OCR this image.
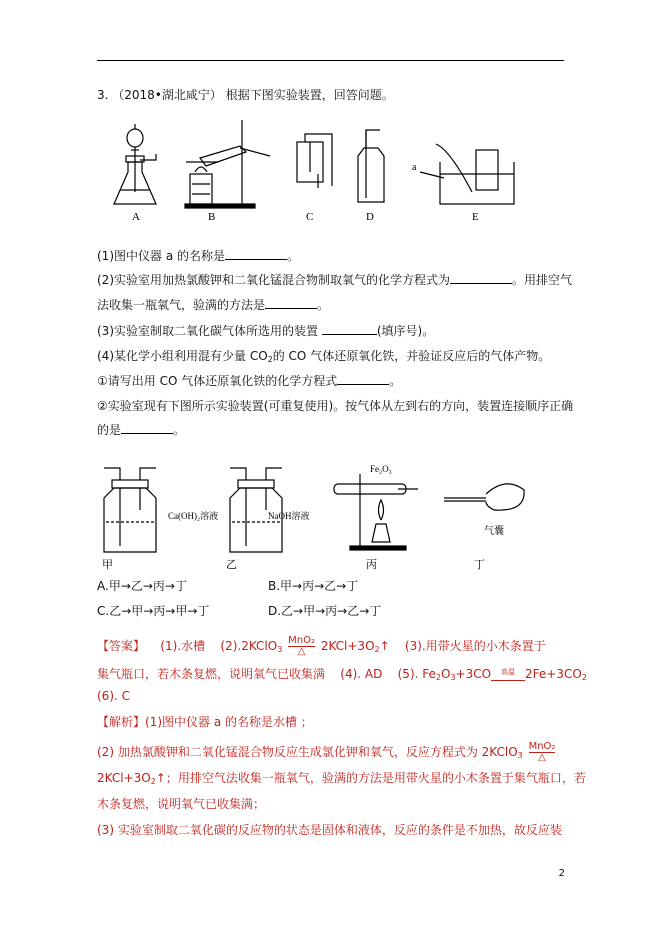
3. （2018•湖北咸宁） 根据下图实验装置，回答问题。
a
A	B	C	D	E
(1)图中仪器 a 的名称是	。
(2)实验室用加热氯酸钾和二氧化锰混合物制取氧气的化学方程式为	。用排空气
法收集一瓶氧气，验满的方法是	。
(3)实验室制取二氧化碳气体所选用的装置	(填序号)。
(4)某化学小组利用混有少量 $CO_2$的 CO 气体还原氧化铁，并验证反应后的气体产物。
①请写出用 CO 气体还原氧化铁的化学方程式	。
②实验室现有下图所示实验装置(可重复使用)。按气体从左到右的方向，装置连接顺序正确
的是	。
Ca(OH)₂溶液	NaOH溶液
Fe₂O₃
气囊
甲	乙	丙	丁
A.甲→乙→丙→丁	B.甲→丙→乙→丁
C.乙→甲→丙→甲→丁	D.乙→甲→丙→乙→丁
【答案】 (1).水槽 (2).2KClO$_3$ $\frac{\text{MnO₂}}{\triangle}$ $2KCl+3O_2↑$    (3).用带火星的小木条置于
集气瓶口，若木条复燃，说明氧气已收集满 (4). AD (5). $Fe_2O_3+3CO$ 高温 $2Fe+3CO_2$
(6). C
【解析】(1)图中仪器 a 的名称是水槽 ；
(2) 加热氯酸钾和二氧化锰混合物反应生成氯化钾和氧气，反应方程式为 2KClO$_3$ $\frac{\text{MnO₂}}{\triangle}$
$2KCl+3O_2↑$；用排空气法收集一瓶氧气，验满的方法是用带火星的小木条置于集气瓶口，若
木条复燃，说明氧气已收集满；
(3) 实验室制取二氧化碳的反应物的状态是固体和液体，反应的条件是不加热，故反应装
2
